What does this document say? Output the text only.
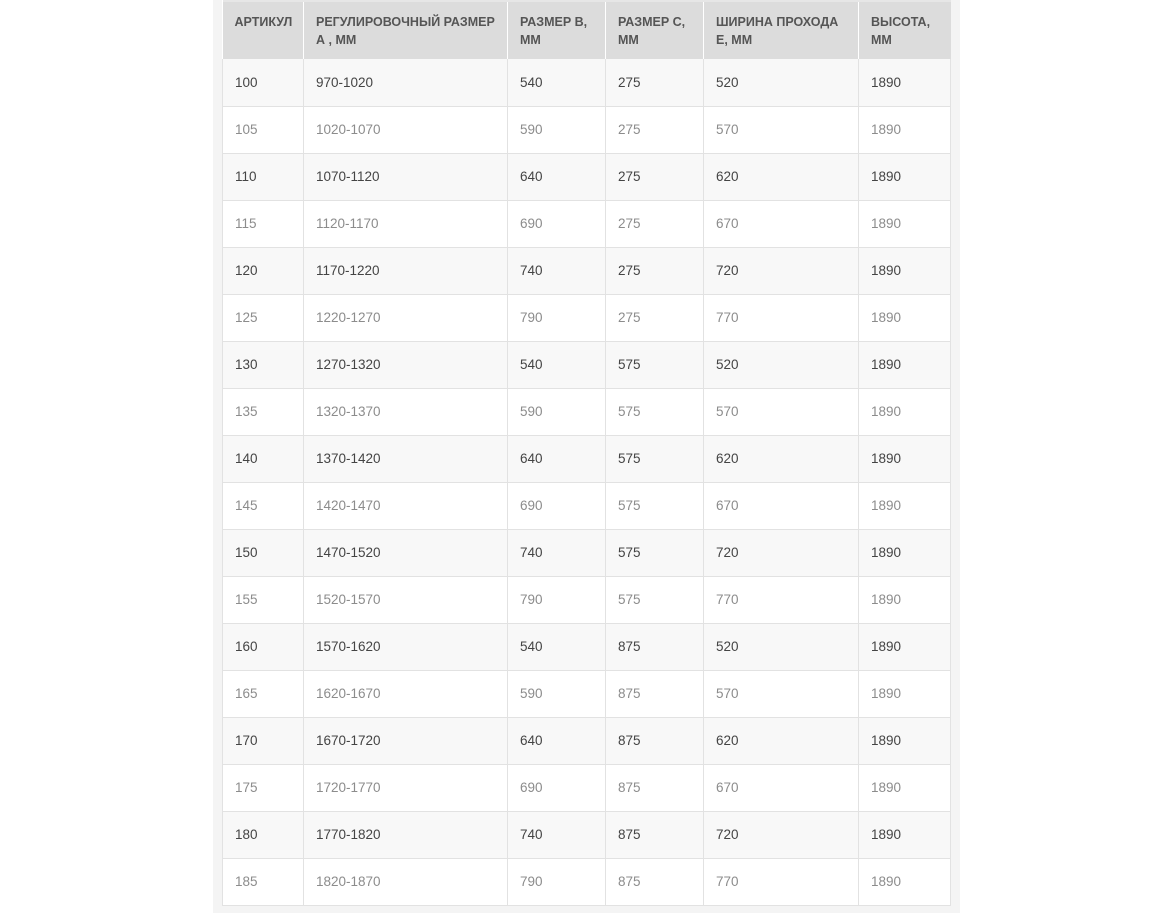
АРТИКУЛ	РЕГУЛИРОВОЧНЫЙ РАЗМЕР А , ММ	РАЗМЕР В, ММ	РАЗМЕР С, ММ	ШИРИНА ПРОХОДА Е, ММ	ВЫСОТА, ММ
100	970-1020	540	275	520	1890
105	1020-1070	590	275	570	1890
110	1070-1120	640	275	620	1890
115	1120-1170	690	275	670	1890
120	1170-1220	740	275	720	1890
125	1220-1270	790	275	770	1890
130	1270-1320	540	575	520	1890
135	1320-1370	590	575	570	1890
140	1370-1420	640	575	620	1890
145	1420-1470	690	575	670	1890
150	1470-1520	740	575	720	1890
155	1520-1570	790	575	770	1890
160	1570-1620	540	875	520	1890
165	1620-1670	590	875	570	1890
170	1670-1720	640	875	620	1890
175	1720-1770	690	875	670	1890
180	1770-1820	740	875	720	1890
185	1820-1870	790	875	770	1890
